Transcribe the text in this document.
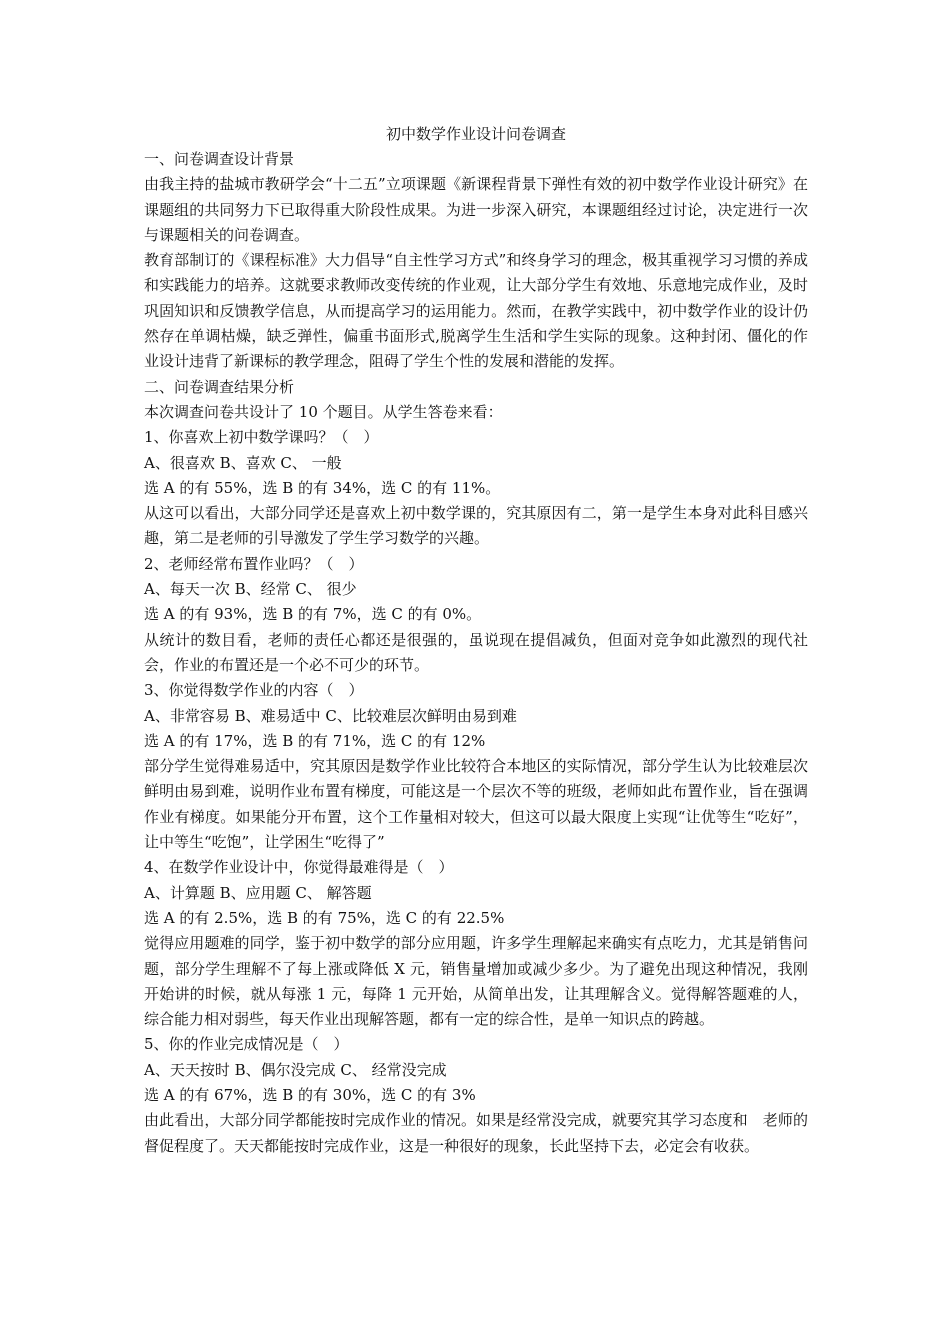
初中数学作业设计问卷调查

一、问卷调查设计背景

由我主持的盐城市教研学会“十二五”立项课题《新课程背景下弹性有效的初中数学作业设计研究》在课题组的共同努力下已取得重大阶段性成果。为进一步深入研究，本课题组经过讨论，决定进行一次与课题相关的问卷调查。

教育部制订的《课程标准》大力倡导“自主性学习方式”和终身学习的理念，极其重视学习习惯的养成和实践能力的培养。这就要求教师改变传统的作业观，让大部分学生有效地、乐意地完成作业，及时巩固知识和反馈教学信息，从而提高学习的运用能力。然而，在教学实践中，初中数学作业的设计仍然存在单调枯燥，缺乏弹性，偏重书面形式,脱离学生生活和学生实际的现象。这种封闭、僵化的作业设计违背了新课标的教学理念，阻碍了学生个性的发展和潜能的发挥。

二、问卷调查结果分析

本次调查问卷共设计了 10 个题目。从学生答卷来看：

1、你喜欢上初中数学课吗？（　）

A、很喜欢 B、喜欢 C、 一般

选 A 的有 55%，选 B 的有 34%，选 C 的有 11%。

从这可以看出，大部分同学还是喜欢上初中数学课的，究其原因有二，第一是学生本身对此科目感兴趣，第二是老师的引导激发了学生学习数学的兴趣。

2、老师经常布置作业吗？（　）

A、每天一次 B、经常 C、 很少

选 A 的有 93%，选 B 的有 7%，选 C 的有 0%。

从统计的数目看，老师的责任心都还是很强的，虽说现在提倡减负，但面对竞争如此激烈的现代社会，作业的布置还是一个必不可少的环节。

3、你觉得数学作业的内容（　）

A、非常容易 B、难易适中 C、比较难层次鲜明由易到难

选 A 的有 17%，选 B 的有 71%，选 C 的有 12%

部分学生觉得难易适中，究其原因是数学作业比较符合本地区的实际情况，部分学生认为比较难层次鲜明由易到难，说明作业布置有梯度，可能这是一个层次不等的班级，老师如此布置作业，旨在强调作业有梯度。如果能分开布置，这个工作量相对较大，但这可以最大限度上实现“让优等生“吃好”，让中等生“吃饱”，让学困生“吃得了”

4、在数学作业设计中，你觉得最难得是（　）

A、计算题 B、应用题 C、 解答题

选 A 的有 2.5%，选 B 的有 75%，选 C 的有 22.5%

觉得应用题难的同学，鉴于初中数学的部分应用题，许多学生理解起来确实有点吃力，尤其是销售问题，部分学生理解不了每上涨或降低 X 元，销售量增加或减少多少。为了避免出现这种情况，我刚开始讲的时候，就从每涨 1 元，每降 1 元开始，从简单出发，让其理解含义。觉得解答题难的人，综合能力相对弱些，每天作业出现解答题，都有一定的综合性，是单一知识点的跨越。

5、你的作业完成情况是（　）

A、天天按时 B、偶尔没完成 C、 经常没完成

选 A 的有 67%，选 B 的有 30%，选 C 的有 3%

由此看出，大部分同学都能按时完成作业的情况。如果是经常没完成，就要究其学习态度和　老师的督促程度了。天天都能按时完成作业，这是一种很好的现象，长此坚持下去，必定会有收获。
